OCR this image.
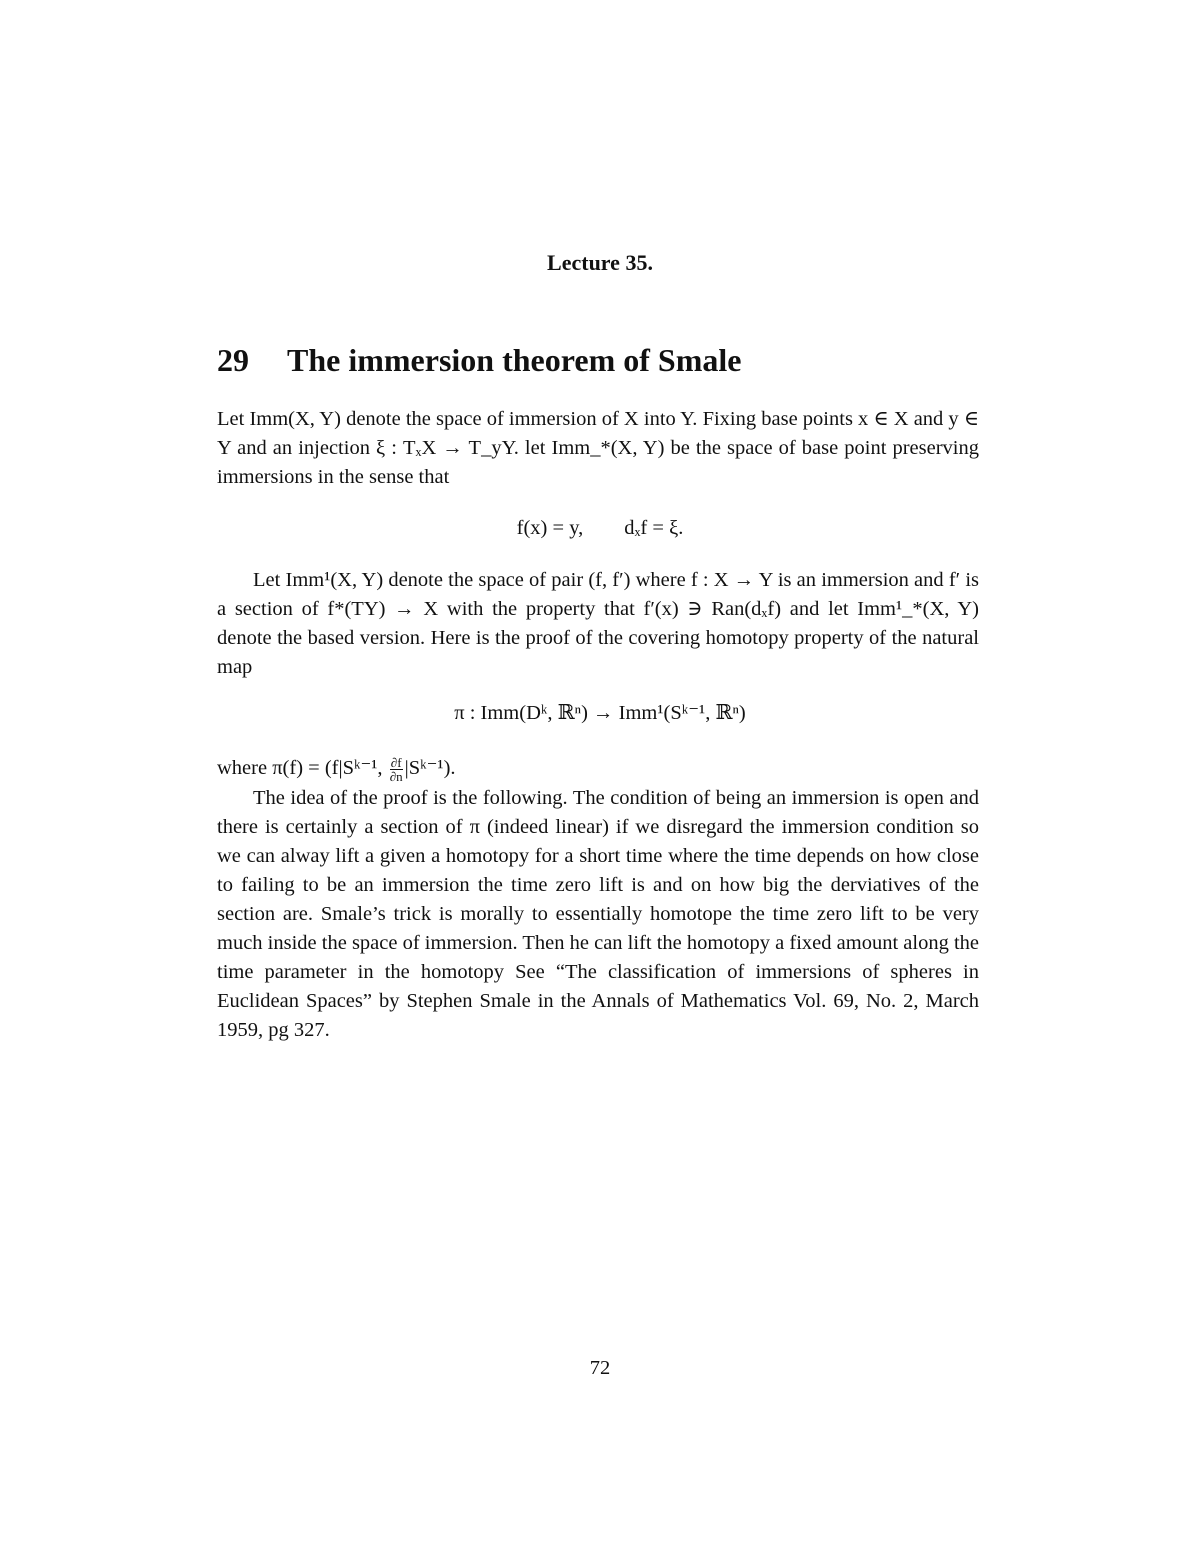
Lecture 35.
29 The immersion theorem of Smale
Let Imm(X, Y) denote the space of immersion of X into Y. Fixing base points x ∈ X and y ∈ Y and an injection ξ : TₓX → T_yY. let Imm_*(X, Y) be the space of base point preserving immersions in the sense that
f(x) = y,        dₓf = ξ.
Let Imm¹(X, Y) denote the space of pair (f, f′) where f : X → Y is an immersion and f′ is a section of f*(TY) → X with the property that f′(x) ∋ Ran(dₓf) and let Imm¹_*(X, Y) denote the based version. Here is the proof of the covering homotopy property of the natural map
π : Imm(Dᵏ, ℝⁿ) → Imm¹(Sᵏ⁻¹, ℝⁿ)
where π(f) = (f|Sᵏ⁻¹, $\frac{\partial f}{\partial n}$ |Sᵏ⁻¹).
The idea of the proof is the following. The condition of being an immersion is open and there is certainly a section of π (indeed linear) if we disregard the immersion condition so we can alway lift a given a homotopy for a short time where the time depends on how close to failing to be an immersion the time zero lift is and on how big the derviatives of the section are. Smale’s trick is morally to essentially homotope the time zero lift to be very much inside the space of immersion. Then he can lift the homotopy a fixed amount along the time parameter in the homotopy See “The classification of immersions of spheres in Euclidean Spaces” by Stephen Smale in the Annals of Mathematics Vol. 69, No. 2, March 1959, pg 327.
72
